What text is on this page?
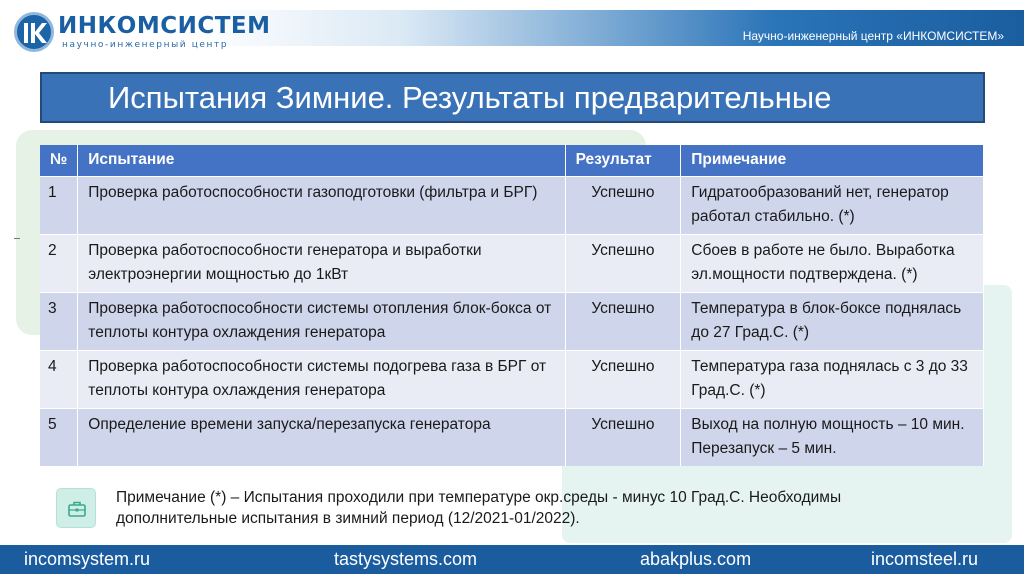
Научно-инженерный центр «ИНКОМСИСТЕМ»
ИНКОМСИСТЕМ
научно-инженерный центр
Испытания Зимние. Результаты предварительные
№	Испытание	Результат	Примечание
1	Проверка работоспособности газоподготовки (фильтра и БРГ)	Успешно	Гидратообразований нет, генератор работал стабильно. (*)
2	Проверка работоспособности генератора и выработки электроэнергии мощностью до 1кВт	Успешно	Сбоев в работе не было. Выработка эл.мощности подтверждена. (*)
3	Проверка работоспособности системы отопления блок-бокса от теплоты контура охлаждения генератора	Успешно	Температура в блок-боксе поднялась до 27 Град.С. (*)
4	Проверка работоспособности системы подогрева газа в БРГ от теплоты контура охлаждения генератора	Успешно	Температура газа поднялась с 3 до 33 Град.С. (*)
5	Определение времени запуска/перезапуска генератора	Успешно	Выход на полную мощность – 10 мин. Перезапуск – 5 мин.
Примечание (*) – Испытания проходили при температуре окр.среды - минус 10 Град.С. Необходимы дополнительные испытания в зимний период (12/2021-01/2022).
incomsystem.ru	tastysystems.com	abakplus.com	incomsteel.ru
